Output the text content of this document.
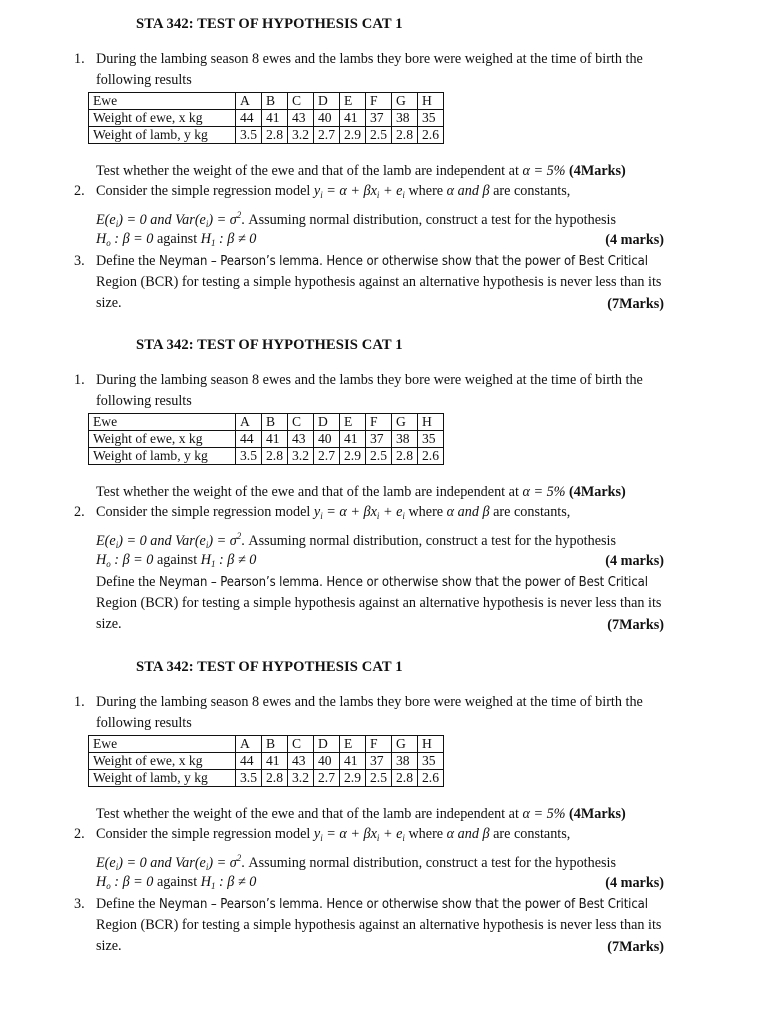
STA 342: TEST OF HYPOTHESIS CAT 1
1. During the lambing season 8 ewes and the lambs they bore were weighed at the time of birth the
following results
Ewe	A	B	C	D	E	F	G	H
Weight of ewe, x kg	44	41	43	40	41	37	38	35
Weight of lamb, y kg	3.5	2.8	3.2	2.7	2.9	2.5	2.8	2.6
Test whether the weight of the ewe and that of the lamb are independent at α = 5% (4Marks)
2. Consider the simple regression model $y_i = \alpha + \beta x_i + e_i$ where α and β are constants,
$E(e_i) = 0$ and $Var(e_i) = \sigma^2$. Assuming normal distribution, construct a test for the hypothesis
$H_o$ : β = 0 against $H_1$ : β ≠ 0	(4 marks)
3. Define the Neyman – Pearson’s lemma. Hence or otherwise show that the power of Best Critical
Region (BCR) for testing a simple hypothesis against an alternative hypothesis is never less than its
size.	(7Marks)
STA 342: TEST OF HYPOTHESIS CAT 1
1. During the lambing season 8 ewes and the lambs they bore were weighed at the time of birth the
following results
Ewe	A	B	C	D	E	F	G	H
Weight of ewe, x kg	44	41	43	40	41	37	38	35
Weight of lamb, y kg	3.5	2.8	3.2	2.7	2.9	2.5	2.8	2.6
Test whether the weight of the ewe and that of the lamb are independent at α = 5% (4Marks)
2. Consider the simple regression model $y_i = \alpha + \beta x_i + e_i$ where α and β are constants,
$E(e_i) = 0$ and $Var(e_i) = \sigma^2$. Assuming normal distribution, construct a test for the hypothesis
$H_o$ : β = 0 against $H_1$ : β ≠ 0	(4 marks)
Define the Neyman – Pearson’s lemma. Hence or otherwise show that the power of Best Critical
Region (BCR) for testing a simple hypothesis against an alternative hypothesis is never less than its
size.	(7Marks)
STA 342: TEST OF HYPOTHESIS CAT 1
1. During the lambing season 8 ewes and the lambs they bore were weighed at the time of birth the
following results
Ewe	A	B	C	D	E	F	G	H
Weight of ewe, x kg	44	41	43	40	41	37	38	35
Weight of lamb, y kg	3.5	2.8	3.2	2.7	2.9	2.5	2.8	2.6
Test whether the weight of the ewe and that of the lamb are independent at α = 5% (4Marks)
2. Consider the simple regression model $y_i = \alpha + \beta x_i + e_i$ where α and β are constants,
$E(e_i) = 0$ and $Var(e_i) = \sigma^2$. Assuming normal distribution, construct a test for the hypothesis
$H_o$ : β = 0 against $H_1$ : β ≠ 0	(4 marks)
3. Define the Neyman – Pearson’s lemma. Hence or otherwise show that the power of Best Critical
Region (BCR) for testing a simple hypothesis against an alternative hypothesis is never less than its
size.	(7Marks)
